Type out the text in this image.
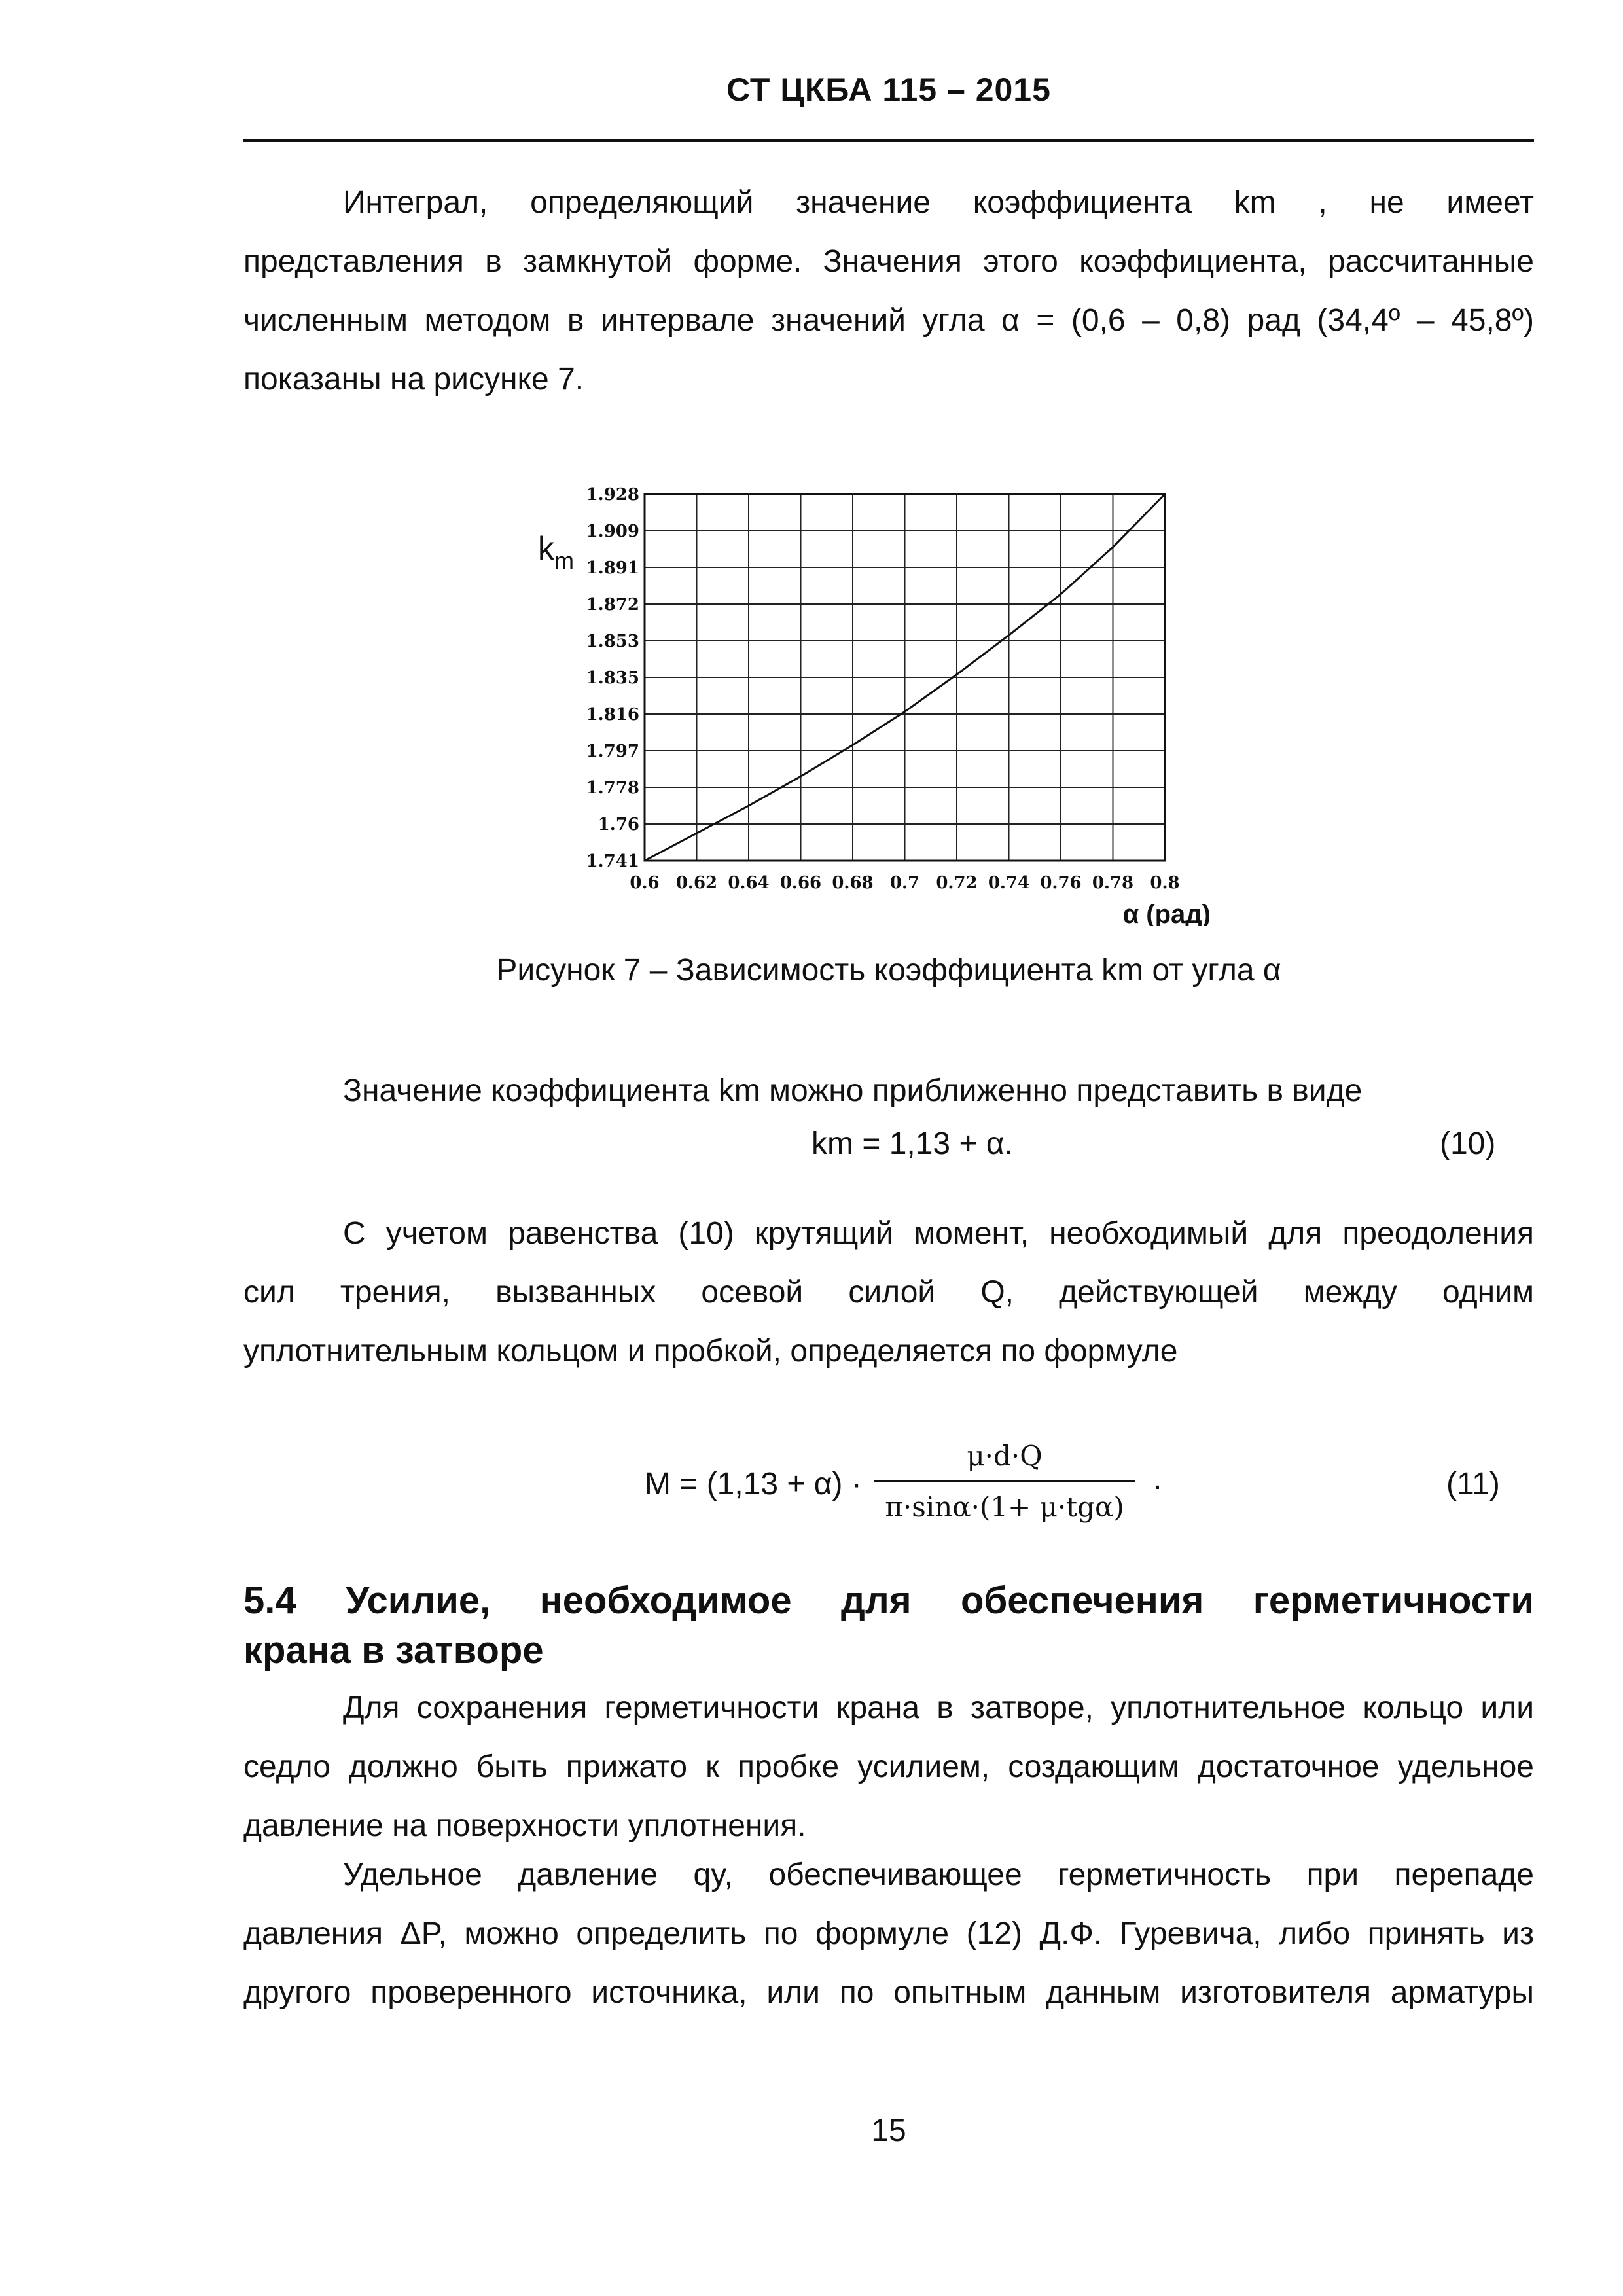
СТ ЦКБА 115 – 2015
Интеграл, определяющий значение коэффициента km , не имеет
представления в замкнутой форме. Значения этого коэффициента, рассчитанные
численным методом в интервале значений угла α = (0,6 – 0,8) рад (34,4º – 45,8º)
показаны на рисунке 7.
0.6 0.62 0.64 0.66 0.68 0.7 0.72 0.74 0.76 0.78 0.8
1.741
1.76
1.778
1.797
1.816
1.835
1.853
1.872
1.891
1.909
1.928
$k_m$
α (рад)
Рисунок 7 – Зависимость коэффициента km от угла α
Значение коэффициента km можно приближенно представить в виде
km = 1,13 + α.	(10)
С учетом равенства (10) крутящий момент, необходимый для преодоления
сил трения, вызванных осевой силой Q, действующей между одним
уплотнительным кольцом и пробкой, определяется по формуле
M = (1,13 + α) ·
μ·d·Q
π·sinα·(1+ μ·tgα)
.	(11)
5.4 Усилие, необходимое для обеспечения герметичности
крана в затворе
Для сохранения герметичности крана в затворе, уплотнительное кольцо или
седло должно быть прижато к пробке усилием, создающим достаточное удельное
давление на поверхности уплотнения.
Удельное давление qy, обеспечивающее герметичность при перепаде
давления ΔP, можно определить по формуле (12) Д.Ф. Гуревича, либо принять из
другого проверенного источника, или по опытным данным изготовителя арматуры
15
